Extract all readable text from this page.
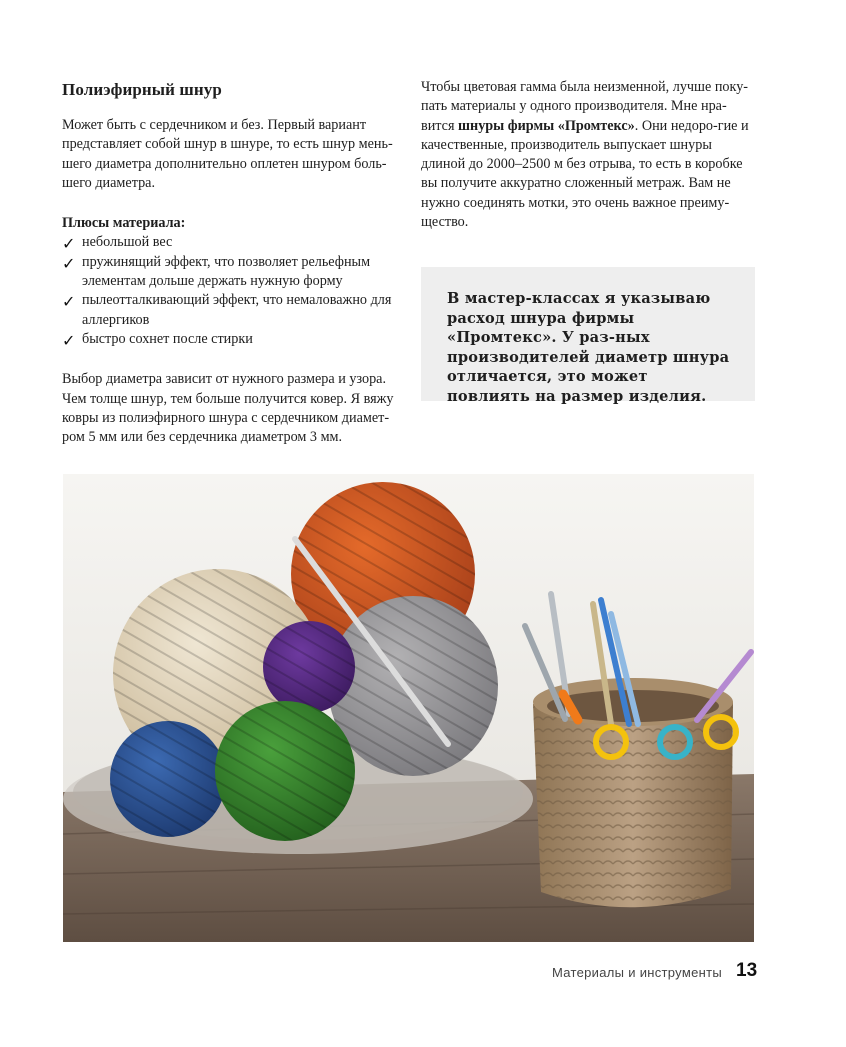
Полиэфирный шнур

Может быть с сердечником и без. Первый вариант представляет собой шнур в шнуре, то есть шнур мень-шего диаметра дополнительно оплетен шнуром боль-шего диаметра.

Плюсы материала:
✓ небольшой вес
✓ пружинящий эффект, что позволяет рельефным элементам дольше держать нужную форму
✓ пылеотталкивающий эффект, что немаловажно для аллергиков
✓ быстро сохнет после стирки

Выбор диаметра зависит от нужного размера и узора. Чем толще шнур, тем больше получится ковер. Я вяжу ковры из полиэфирного шнура с сердечником диамет-ром 5 мм или без сердечника диаметром 3 мм.

Чтобы цветовая гамма была неизменной, лучше поку-пать материалы у одного производителя. Мне нра-вится шнуры фирмы «Промтекс». Они недоро-гие и качественные, производитель выпускает шнуры длиной до 2000–2500 м без отрыва, то есть в коробке вы получите аккуратно сложенный метраж. Вам не нужно соединять мотки, это очень важное преиму-щество.

В мастер-классах я указываю расход шнура фирмы «Промтекс». У раз-ных производителей диаметр шнура отличается, это может повлиять на размер изделия.

Материалы и инструменты 13
